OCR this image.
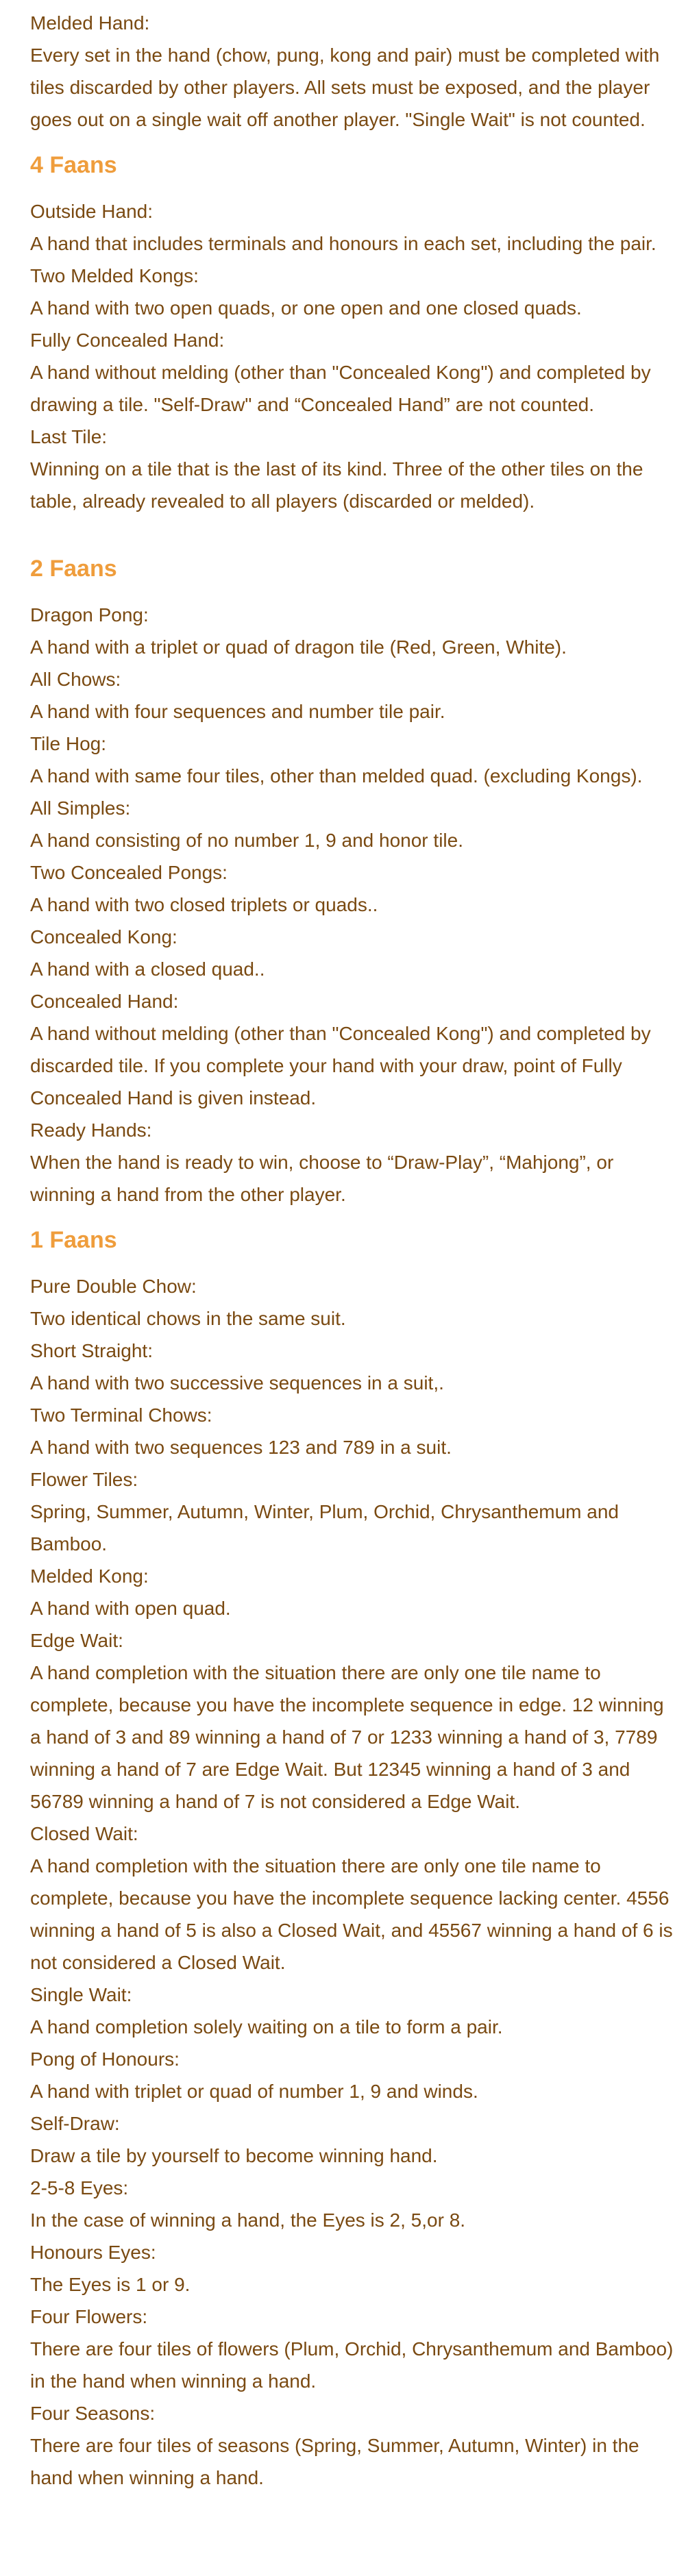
Melded Hand:

Every set in the hand (chow, pung, kong and pair) must be completed with tiles discarded by other players. All sets must be exposed, and the player goes out on a single wait off another player. "Single Wait" is not counted.

4 Faans

Outside Hand:

A hand that includes terminals and honours in each set, including the pair.

Two Melded Kongs:

A hand with two open quads, or one open and one closed quads.

Fully Concealed Hand:

A hand without melding (other than "Concealed Kong") and completed by drawing a tile. "Self-Draw" and “Concealed Hand” are not counted.

Last Tile:

Winning on a tile that is the last of its kind. Three of the other tiles on the table, already revealed to all players (discarded or melded).

2 Faans

Dragon Pong:

A hand with a triplet or quad of dragon tile (Red, Green, White).

All Chows:

A hand with four sequences and number tile pair.

Tile Hog:

A hand with same four tiles, other than melded quad. (excluding Kongs).

All Simples:

A hand consisting of no number 1, 9 and honor tile.

Two Concealed Pongs:

A hand with two closed triplets or quads..

Concealed Kong:

A hand with a closed quad..

Concealed Hand:

A hand without melding (other than "Concealed Kong") and completed by discarded tile. If you complete your hand with your draw, point of Fully Concealed Hand is given instead.

Ready Hands:

When the hand is ready to win, choose to “Draw-Play”, “Mahjong”, or winning a hand from the other player.

1 Faans

Pure Double Chow:

Two identical chows in the same suit.

Short Straight:

A hand with two successive sequences in a suit,.

Two Terminal Chows:

A hand with two sequences 123 and 789 in a suit.

Flower Tiles:

Spring, Summer, Autumn, Winter, Plum, Orchid, Chrysanthemum and Bamboo.

Melded Kong:

A hand with open quad.

Edge Wait:

A hand completion with the situation there are only one tile name to complete, because you have the incomplete sequence in edge. 12 winning a hand of 3 and 89 winning a hand of 7 or 1233 winning a hand of 3, 7789 winning a hand of 7 are Edge Wait. But 12345 winning a hand of 3 and 56789 winning a hand of 7 is not considered a Edge Wait.

Closed Wait:

A hand completion with the situation there are only one tile name to complete, because you have the incomplete sequence lacking center. 4556 winning a hand of 5 is also a Closed Wait, and 45567 winning a hand of 6 is not considered a Closed Wait.

Single Wait:

A hand completion solely waiting on a tile to form a pair.

Pong of Honours:

A hand with triplet or quad of number 1, 9 and winds.

Self-Draw:

Draw a tile by yourself to become winning hand.

2-5-8 Eyes:

In the case of winning a hand, the Eyes is 2, 5,or 8.

Honours Eyes:

The Eyes is 1 or 9.

Four Flowers:

There are four tiles of flowers (Plum, Orchid, Chrysanthemum and Bamboo) in the hand when winning a hand.

Four Seasons:

There are four tiles of seasons (Spring, Summer, Autumn, Winter) in the hand when winning a hand.
